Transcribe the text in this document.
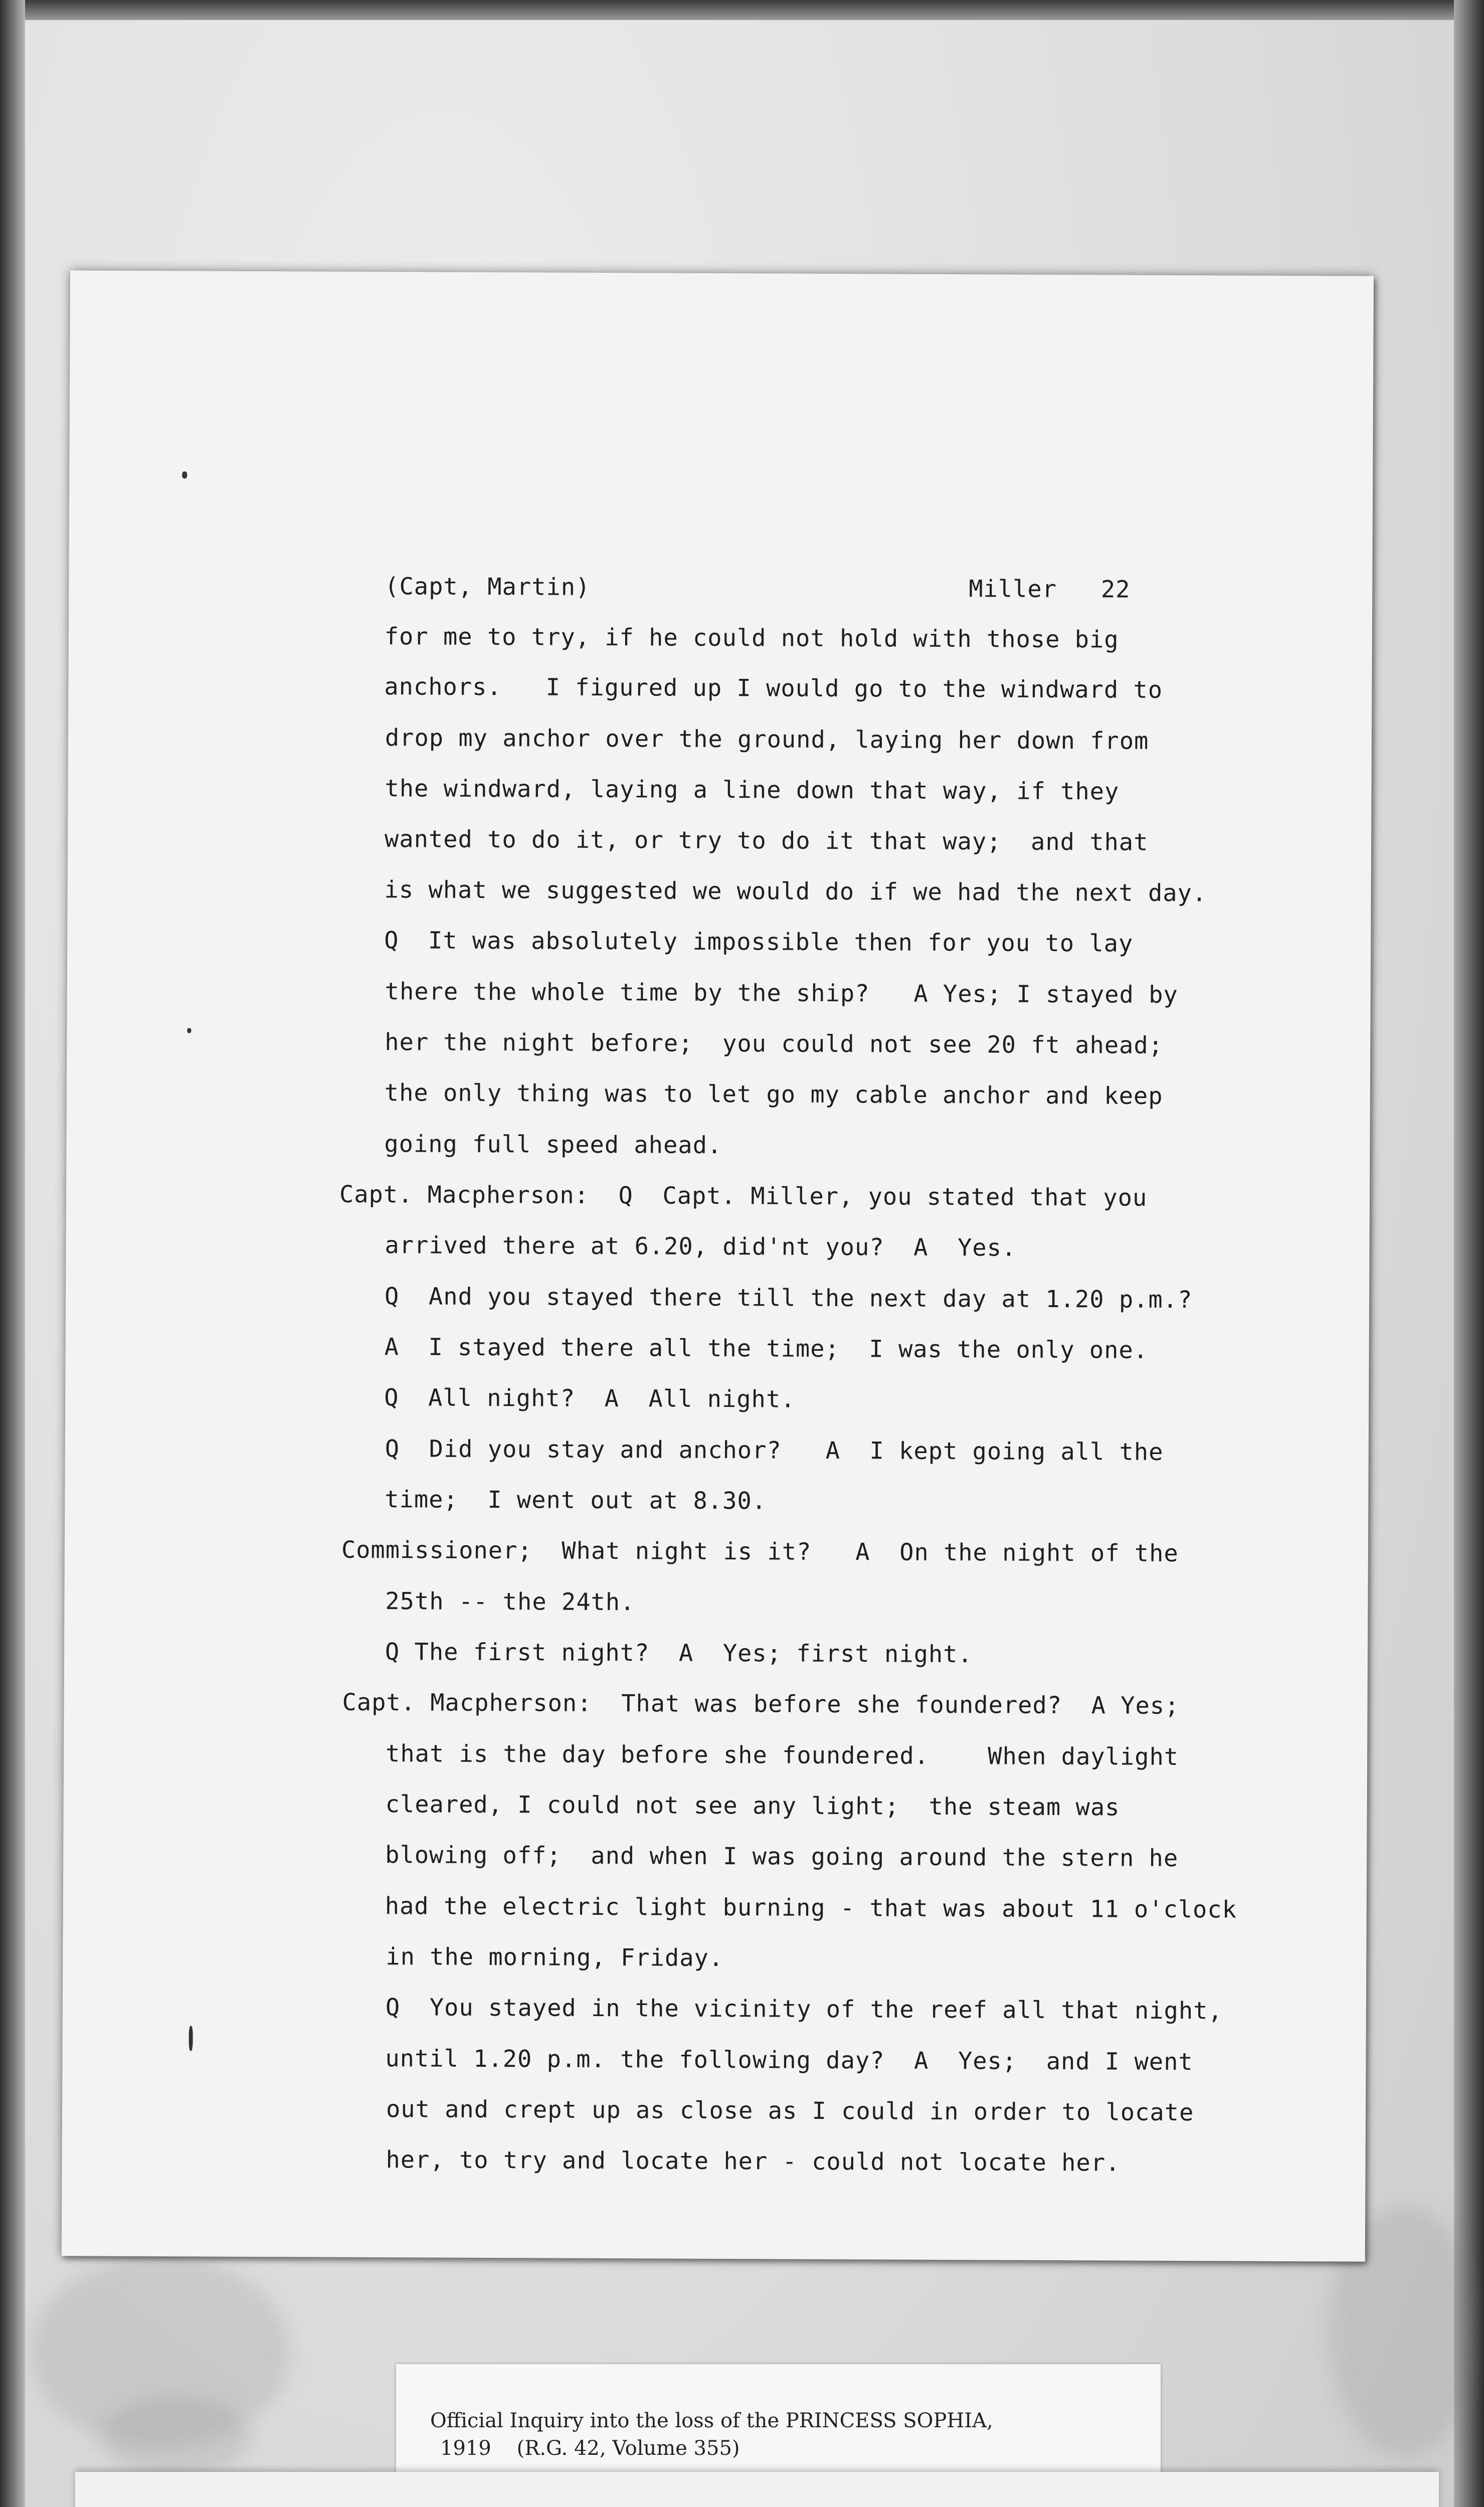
(Capt, Martin)	Miller   22
for me to try, if he could not hold with those big
anchors.   I figured up I would go to the windward to
drop my anchor over the ground, laying her down from
the windward, laying a line down that way, if they
wanted to do it, or try to do it that way;  and that
is what we suggested we would do if we had the next day.
Q  It was absolutely impossible then for you to lay
there the whole time by the ship?   A Yes; I stayed by
her the night before;  you could not see 20 ft ahead;
the only thing was to let go my cable anchor and keep
going full speed ahead.
Capt. Macpherson:  Q  Capt. Miller, you stated that you
arrived there at 6.20, did'nt you?  A  Yes.
Q  And you stayed there till the next day at 1.20 p.m.?
A  I stayed there all the time;  I was the only one.
Q  All night?  A  All night.
Q  Did you stay and anchor?   A  I kept going all the
time;  I went out at 8.30.
Commissioner;  What night is it?   A  On the night of the
25th -- the 24th.
Q The first night?  A  Yes; first night.
Capt. Macpherson:  That was before she foundered?  A Yes;
that is the day before she foundered.    When daylight
cleared, I could not see any light;  the steam was
blowing off;  and when I was going around the stern he
had the electric light burning - that was about 11 o'clock
in the morning, Friday.
Q  You stayed in the vicinity of the reef all that night,
until 1.20 p.m. the following day?  A  Yes;  and I went
out and crept up as close as I could in order to locate
her, to try and locate her - could not locate her.
Official Inquiry into the loss of the PRINCESS SOPHIA,
1919    (R.G. 42, Volume 355)
